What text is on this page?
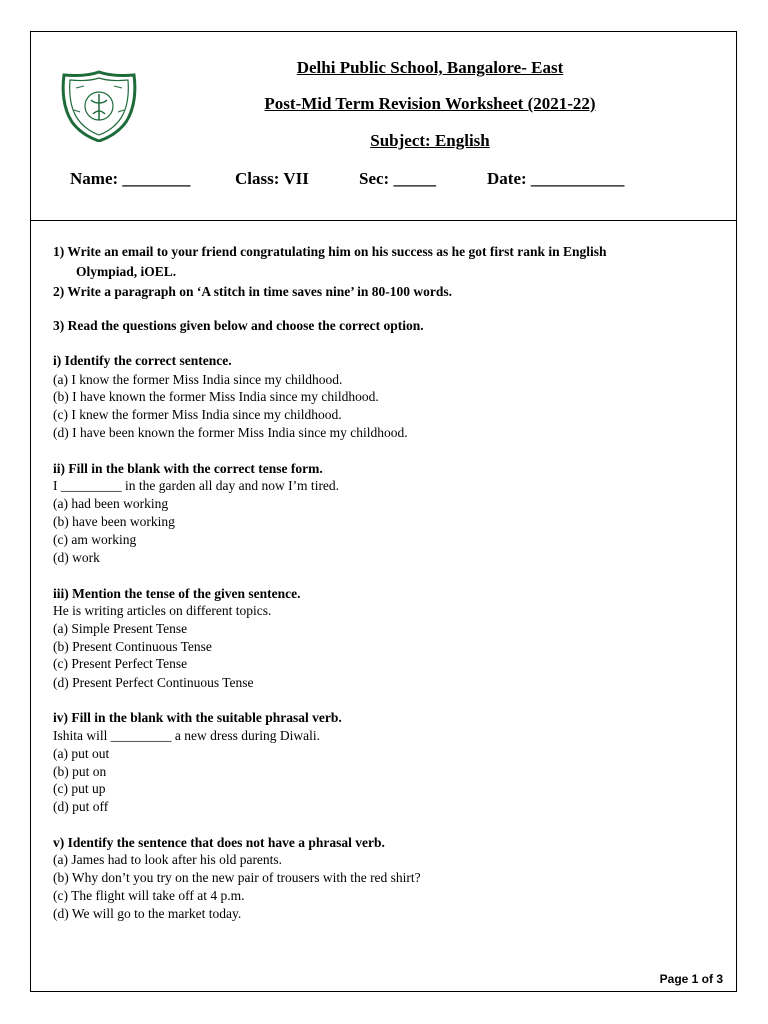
Delhi Public School, Bangalore- East
Post-Mid Term Revision Worksheet (2021-22)
Subject: English
Name: ________	Class: VII	Sec: _____	Date: ___________
1) Write an email to your friend congratulating him on his success as he got first rank in English
Olympiad, iOEL.
2) Write a paragraph on ‘A stitch in time saves nine’ in 80-100 words.
3) Read the questions given below and choose the correct option.
i) Identify the correct sentence.
(a) I know the former Miss India since my childhood.
(b) I have known the former Miss India since my childhood.
(c) I knew the former Miss India since my childhood.
(d) I have been known the former Miss India since my childhood.
ii) Fill in the blank with the correct tense form.
I _________ in the garden all day and now I’m tired.
(a) had been working
(b) have been working
(c) am working
(d) work
iii) Mention the tense of the given sentence.
He is writing articles on different topics.
(a) Simple Present Tense
(b) Present Continuous Tense
(c) Present Perfect Tense
(d) Present Perfect Continuous Tense
iv) Fill in the blank with the suitable phrasal verb.
Ishita will _________ a new dress during Diwali.
(a) put out
(b) put on
(c) put up
(d) put off
v) Identify the sentence that does not have a phrasal verb.
(a) James had to look after his old parents.
(b) Why don’t you try on the new pair of trousers with the red shirt?
(c) The flight will take off at 4 p.m.
(d) We will go to the market today.
Page 1 of 3
